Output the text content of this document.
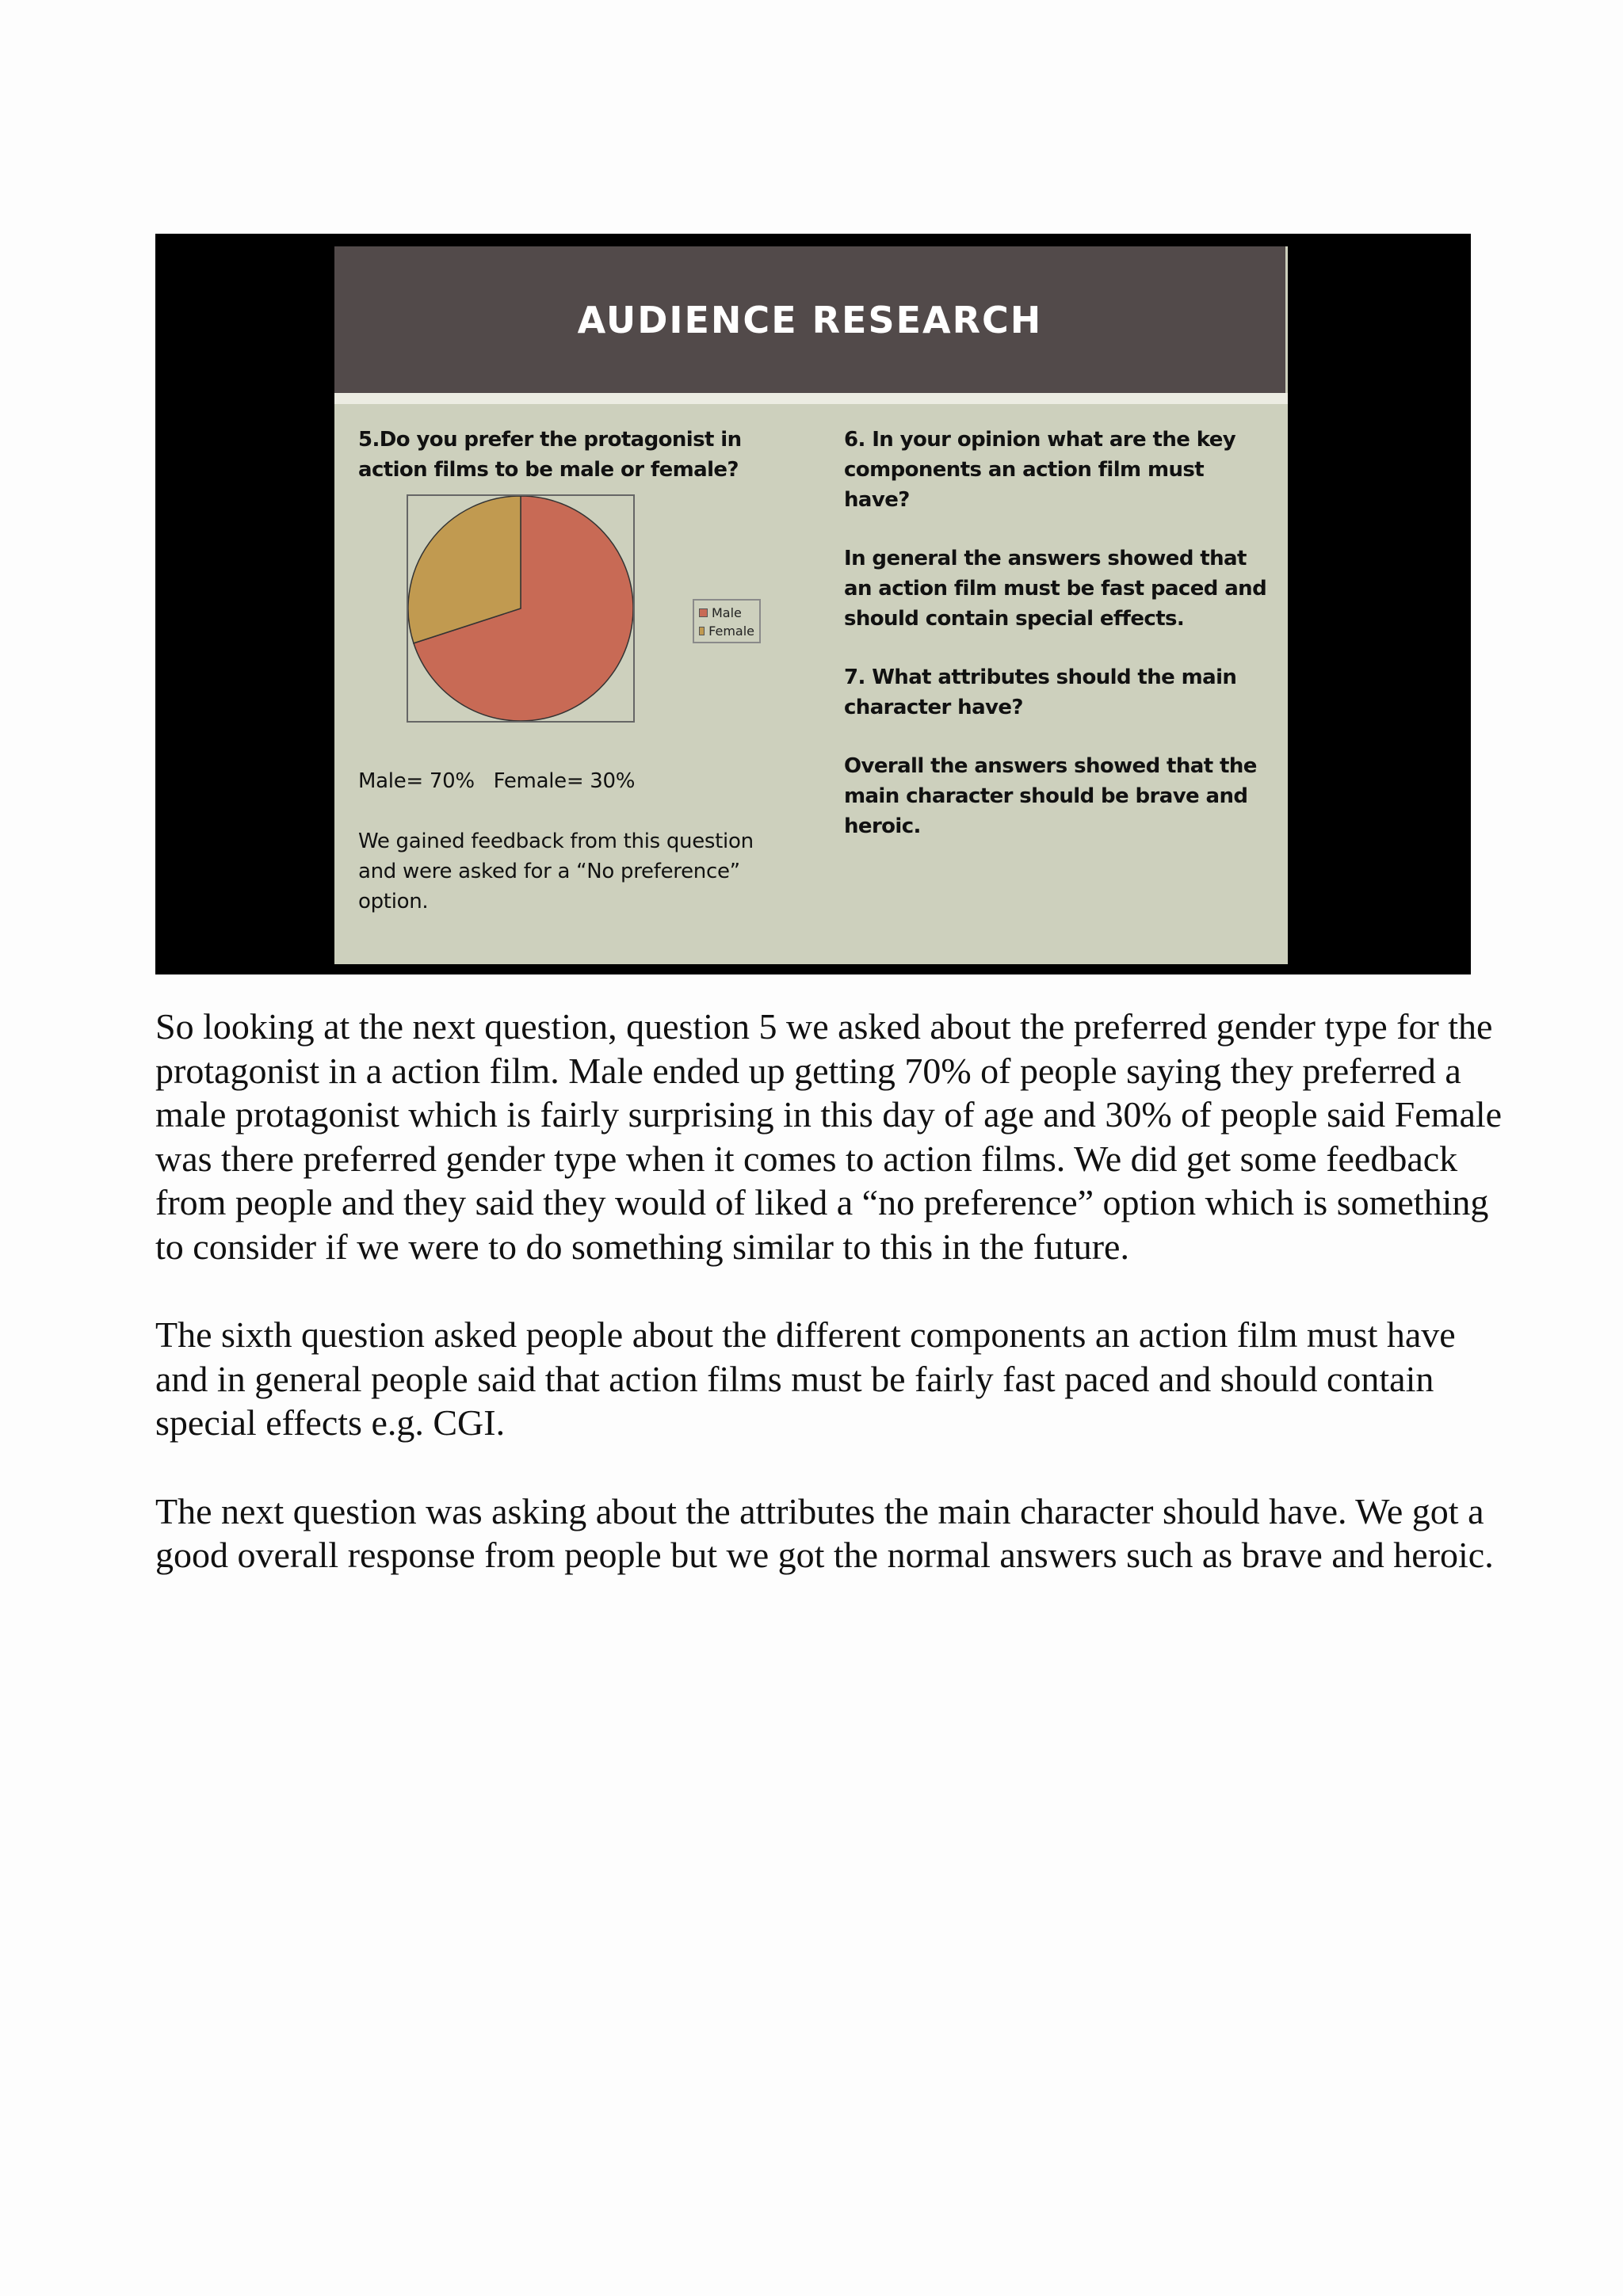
AUDIENCE RESEARCH
5.Do you prefer the protagonist in action films to be male or female?
Male
Female
Male= 70%   Female= 30%
We gained feedback from this question and were asked for a “No preference” option.

6. In your opinion what are the key components an action film must have?

In general the answers showed that an action film must be fast paced and should contain special effects.

7. What attributes should the main character have?

Overall the answers showed that the main character should be brave and heroic.

So looking at the next question, question 5 we asked about the preferred gender type for the protagonist in a action film. Male ended up getting 70% of people saying they preferred a male protagonist which is fairly surprising in this day of age and 30% of people said Female was there preferred gender type when it comes to action films. We did get some feedback from people and they said they would of liked a “no preference” option which is something to consider if we were to do something similar to this in the future.

The sixth question asked people about the different components an action film must have and in general people said that action films must be fairly fast paced and should contain special effects e.g. CGI.

The next question was asking about the attributes the main character should have. We got a good overall response from people but we got the normal answers such as brave and heroic.
